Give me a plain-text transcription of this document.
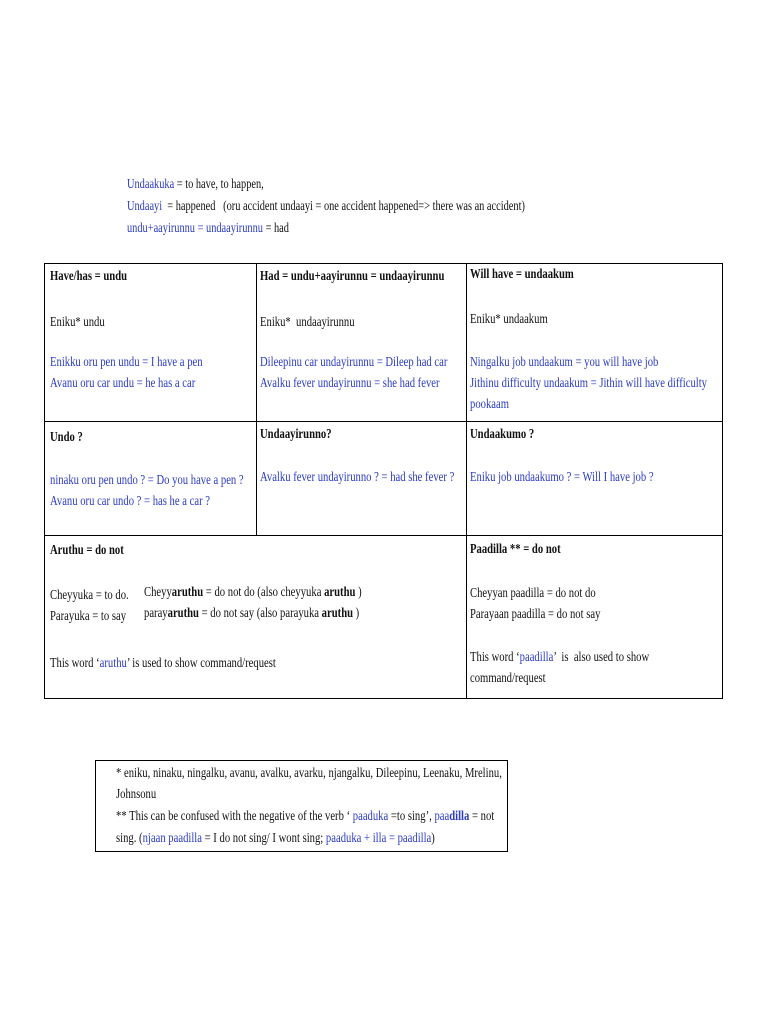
Undaakuka = to have, to happen,
Undaayi  = happened   (oru accident undaayi = one accident happened=> there was an accident)
undu+aayirunnu = undaayirunnu = had
Have/has = undu
Eniku* undu
Enikku oru pen undu = I have a pen
Avanu oru car undu = he has a car
Had = undu+aayirunnu = undaayirunnu
Eniku*  undaayirunnu
Dileepinu car undayirunnu = Dileep had car
Avalku fever undayirunnu = she had fever
Will have = undaakum
Eniku* undaakum
Ningalku job undaakum = you will have job
Jithinu difficulty undaakum = Jithin will have difficulty
pookaam
Undo ?
ninaku oru pen undo ? = Do you have a pen ?
Avanu oru car undo ? = has he a car ?
Undaayirunno?
Avalku fever undayirunno ? = had she fever ?
Undaakumo ?
Eniku job undaakumo ? = Will I have job ?
Aruthu = do not
Cheyyuka = to do.
Parayuka = to say
Cheyyaruthu = do not do (also cheyyuka aruthu )
parayaruthu = do not say (also parayuka aruthu )
This word ‘aruthu’ is used to show command/request
Paadilla ** = do not
Cheyyan paadilla = do not do
Parayaan paadilla = do not say
This word ‘paadilla’  is  also used to show
command/request
* eniku, ninaku, ningalku, avanu, avalku, avarku, njangalku, Dileepinu, Leenaku, Mrelinu,
Johnsonu
** This can be confused with the negative of the verb ‘ paaduka =to sing’, paadilla = not
sing. (njaan paadilla = I do not sing/ I wont sing; paaduka + illa = paadilla)
